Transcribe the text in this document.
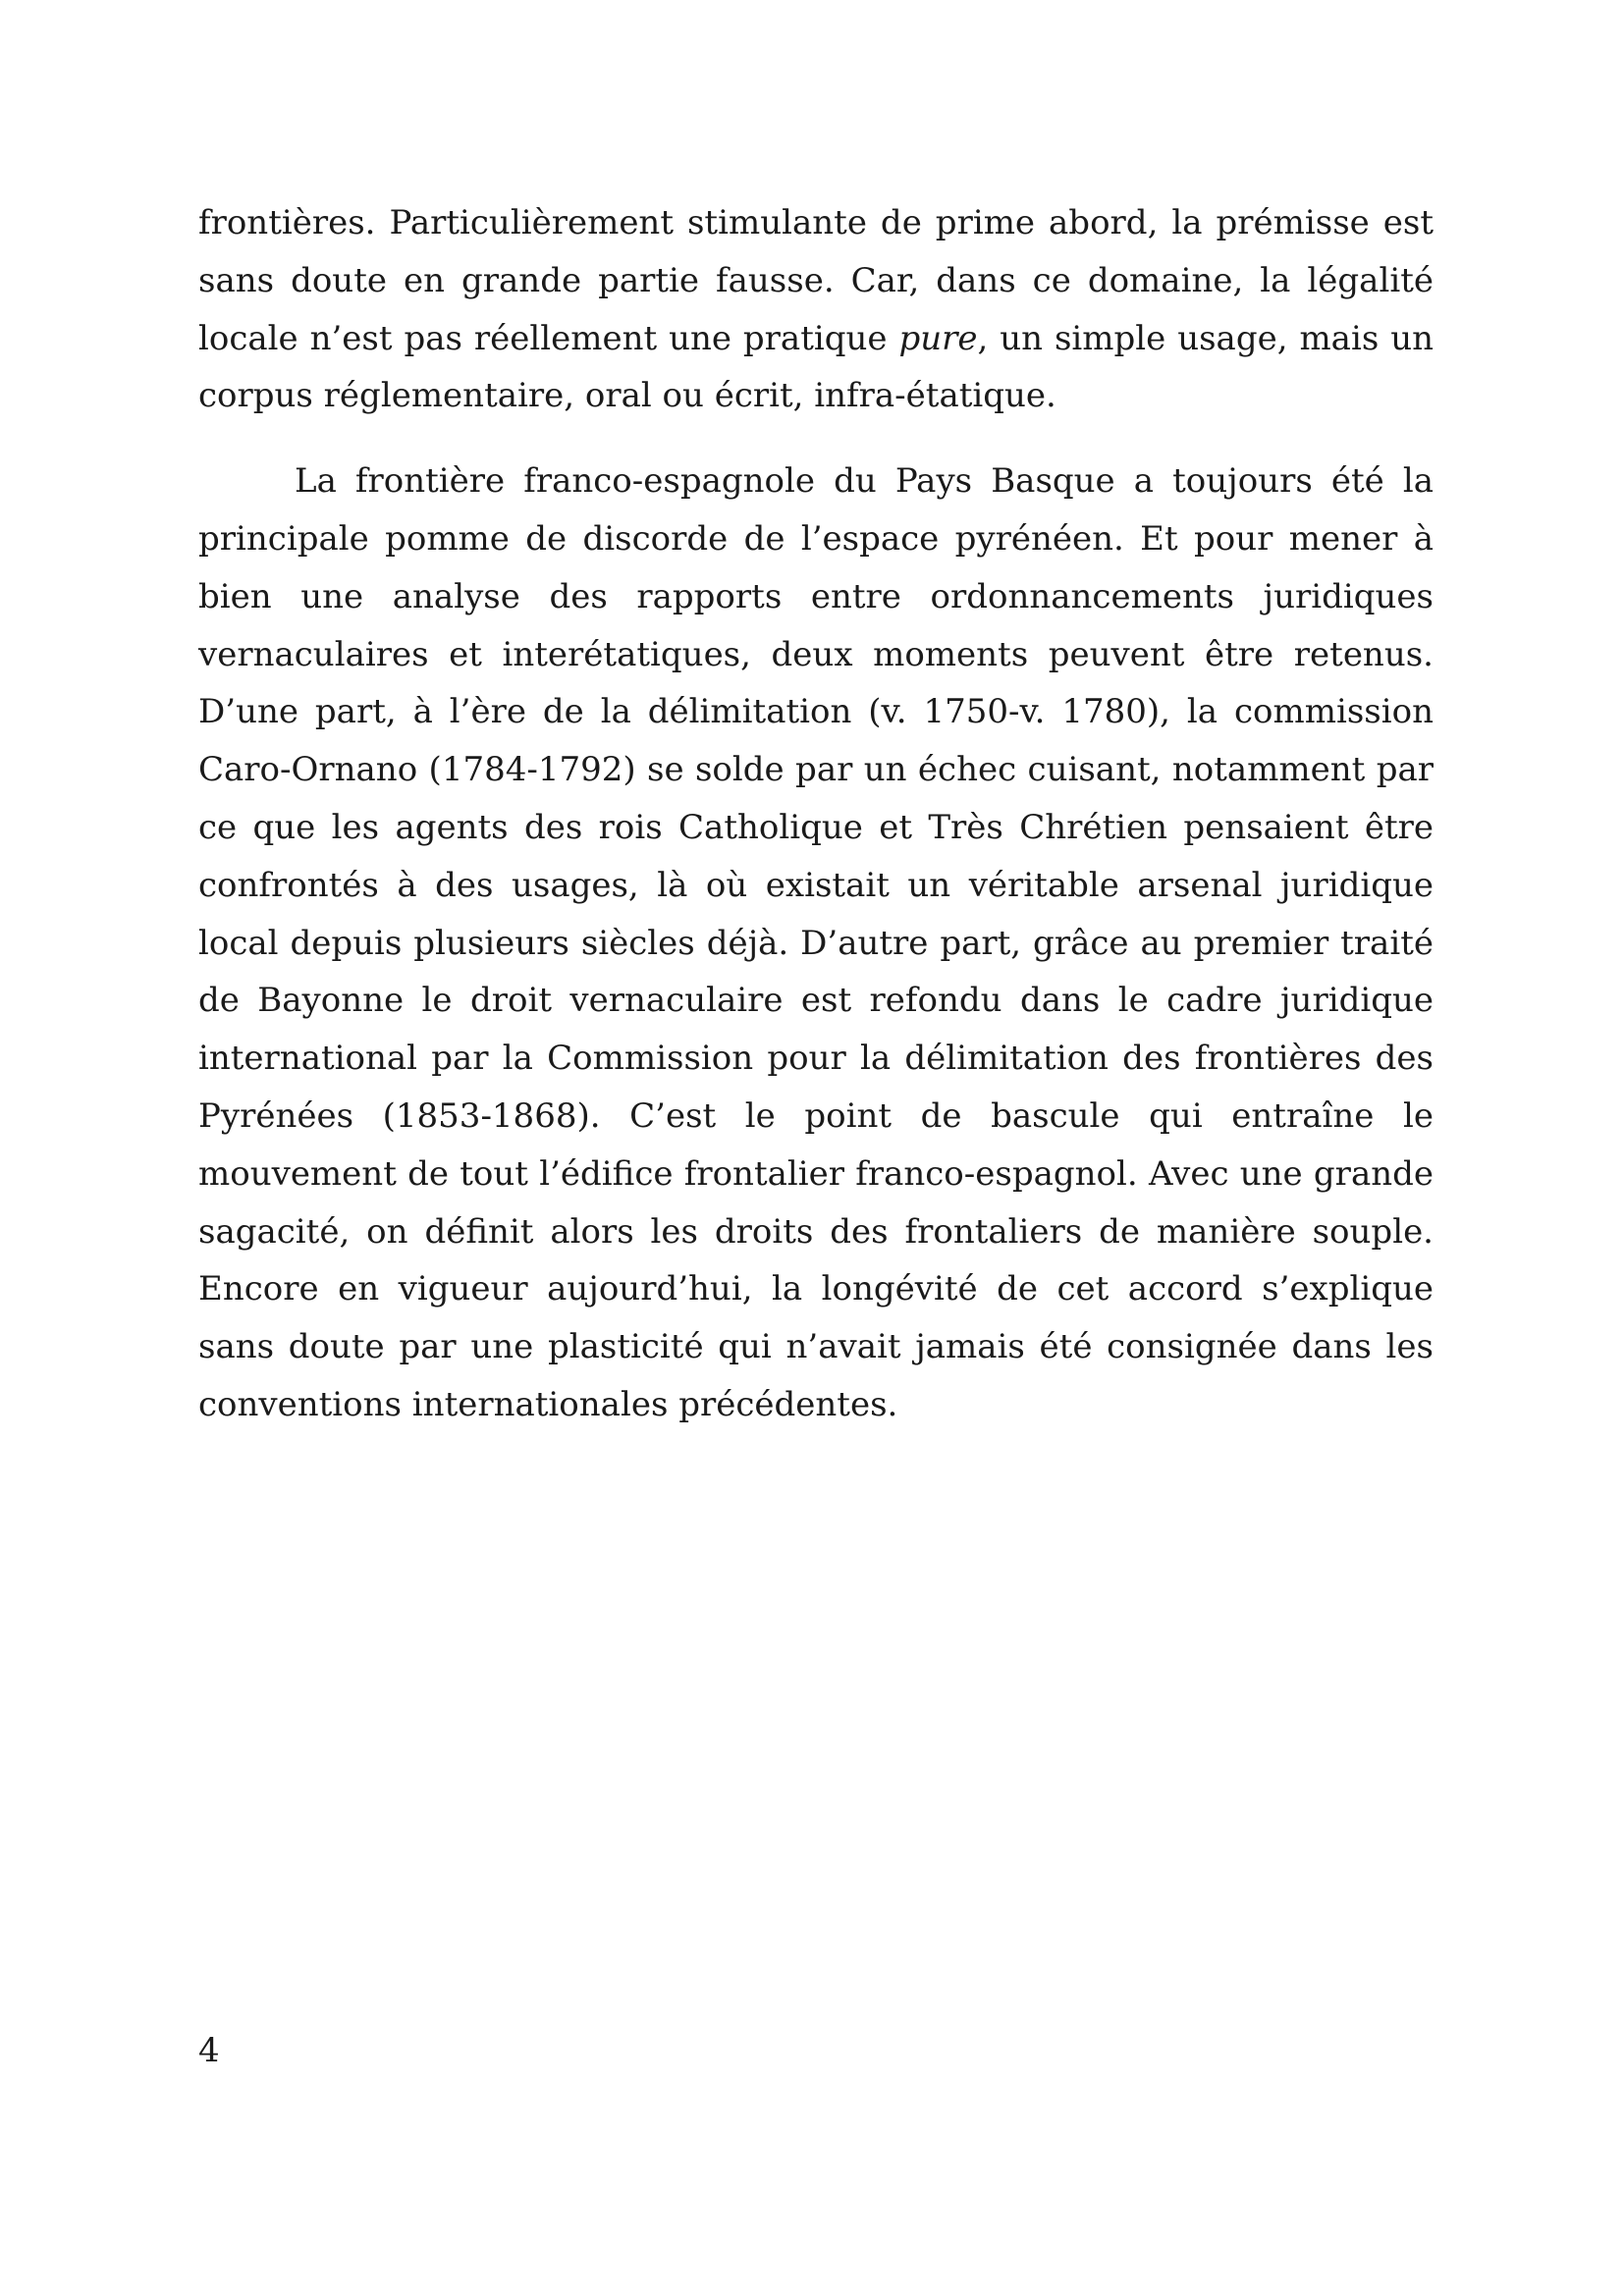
frontières. Particulièrement stimulante de prime abord, la prémisse est sans doute en grande partie fausse. Car, dans ce domaine, la légalité locale n’est pas réellement une pratique pure, un simple usage, mais un corpus réglementaire, oral ou écrit, infra-étatique.

La frontière franco-espagnole du Pays Basque a toujours été la principale pomme de discorde de l’espace pyrénéen. Et pour mener à bien une analyse des rapports entre ordonnancements juridiques vernaculaires et interétatiques, deux moments peuvent être retenus. D’une part, à l’ère de la délimitation (v. 1750-v. 1780), la commission Caro-Ornano (1784-1792) se solde par un échec cuisant, notamment par ce que les agents des rois Catholique et Très Chrétien pensaient être confrontés à des usages, là où existait un véritable arsenal juridique local depuis plusieurs siècles déjà. D’autre part, grâce au premier traité de Bayonne le droit vernaculaire est refondu dans le cadre juridique international par la Commission pour la délimitation des frontières des Pyrénées (1853-1868). C’est le point de bascule qui entraîne le mouvement de tout l’édifice frontalier franco-espagnol. Avec une grande sagacité, on définit alors les droits des frontaliers de manière souple. Encore en vigueur aujourd’hui, la longévité de cet accord s’explique sans doute par une plasticité qui n’avait jamais été consignée dans les conventions internationales précédentes.

4
